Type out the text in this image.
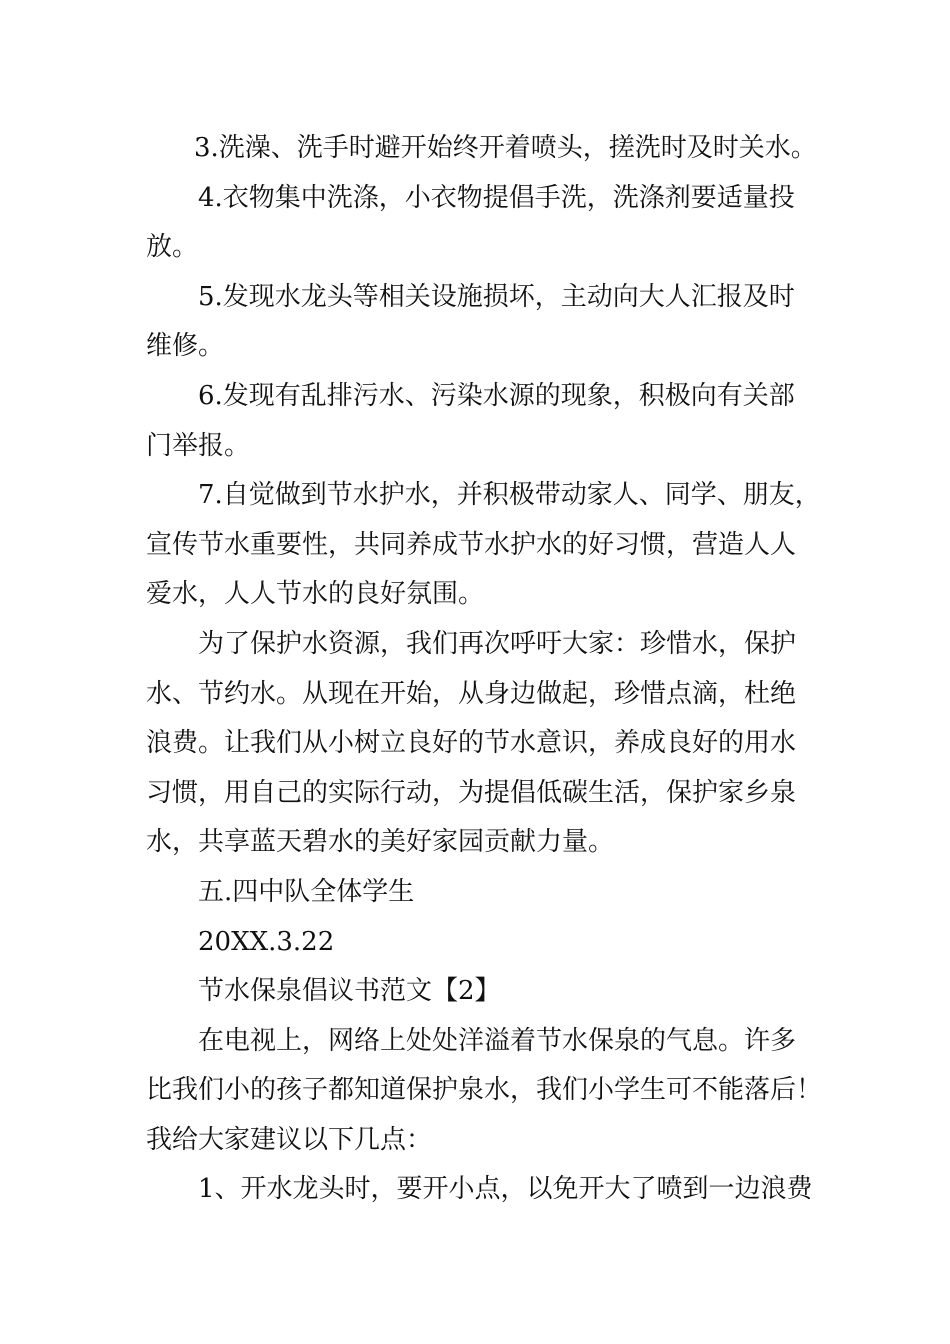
3.洗澡、洗手时避开始终开着喷头，搓洗时及时关水。
4.衣物集中洗涤，小衣物提倡手洗，洗涤剂要适量投
放。
5.发现水龙头等相关设施损坏，主动向大人汇报及时
维修。
6.发现有乱排污水、污染水源的现象，积极向有关部
门举报。
7.自觉做到节水护水，并积极带动家人、同学、朋友，
宣传节水重要性，共同养成节水护水的好习惯，营造人人
爱水，人人节水的良好氛围。
为了保护水资源，我们再次呼吁大家：珍惜水，保护
水、节约水。从现在开始，从身边做起，珍惜点滴，杜绝
浪费。让我们从小树立良好的节水意识，养成良好的用水
习惯，用自己的实际行动，为提倡低碳生活，保护家乡泉
水，共享蓝天碧水的美好家园贡献力量。
五.四中队全体学生
20XX.3.22
节水保泉倡议书范文【2】
在电视上，网络上处处洋溢着节水保泉的气息。许多
比我们小的孩子都知道保护泉水，我们小学生可不能落后！
我给大家建议以下几点：
1、开水龙头时，要开小点，以免开大了喷到一边浪费
